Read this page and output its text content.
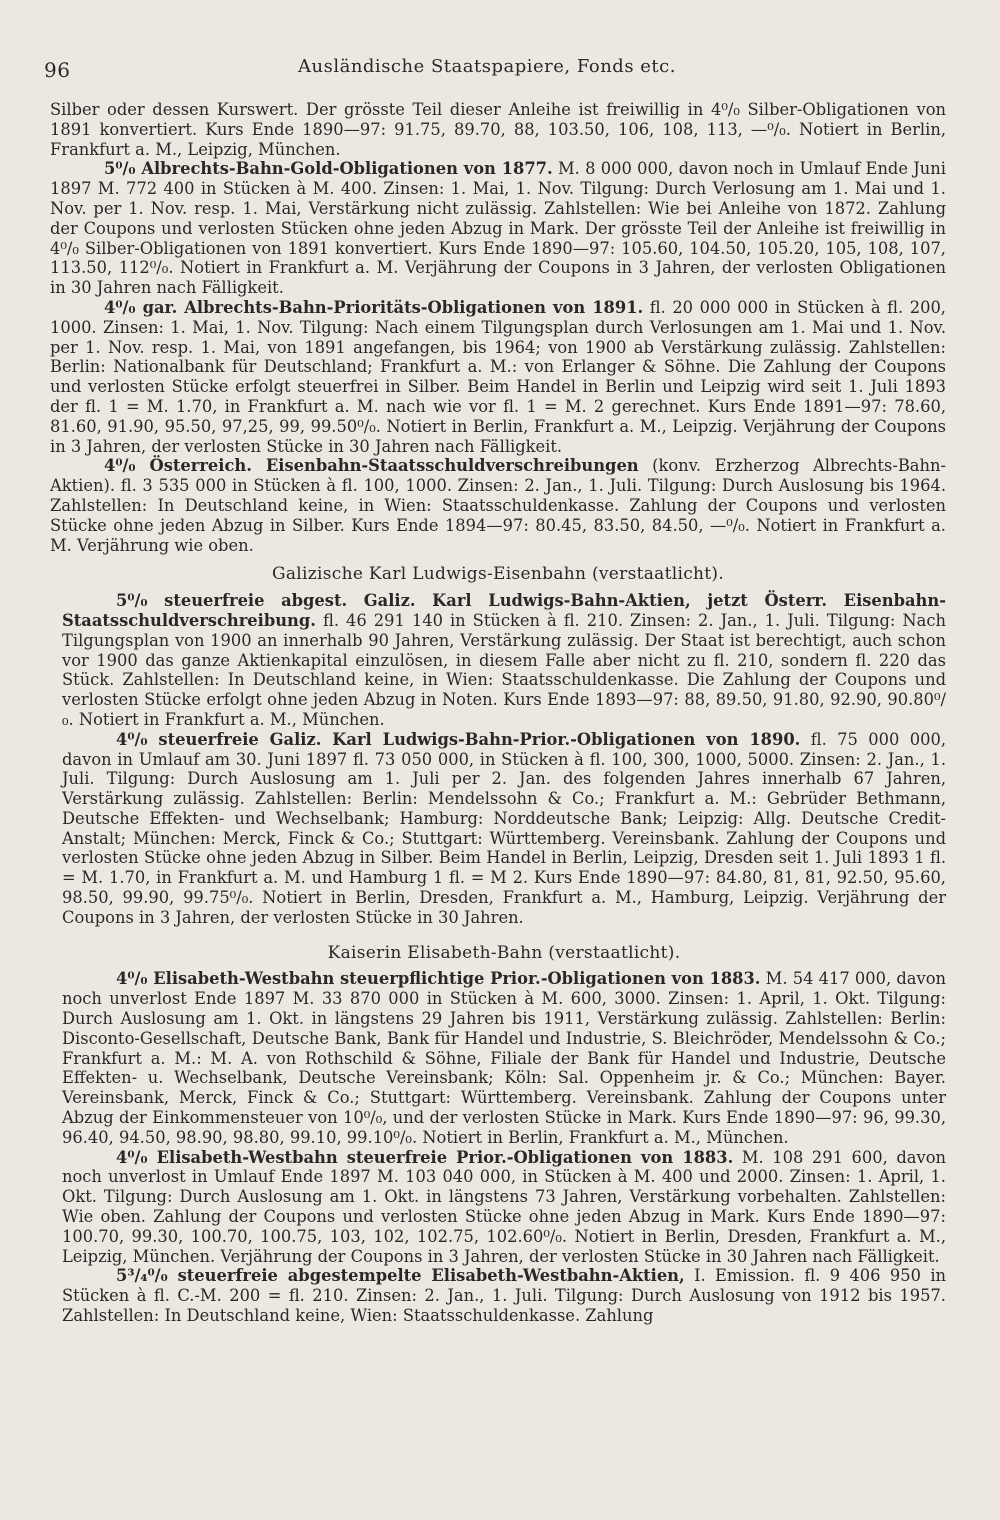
96	Ausländische Staatspapiere, Fonds etc.

Silber oder dessen Kurswert. Der grösste Teil dieser Anleihe ist freiwillig in 4⁰/₀ Silber-Obligationen von 1891 konvertiert. Kurs Ende 1890—97: 91.75, 89.70, 88, 103.50, 106, 108, 113, —⁰/₀. Notiert in Berlin, Frankfurt a. M., Leipzig, München.

5⁰/₀ Albrechts-Bahn-Gold-Obligationen von 1877. M. 8 000 000, davon noch in Umlauf Ende Juni 1897 M. 772 400 in Stücken à M. 400. Zinsen: 1. Mai, 1. Nov. Tilgung: Durch Verlosung am 1. Mai und 1. Nov. per 1. Nov. resp. 1. Mai, Verstärkung nicht zulässig. Zahlstellen: Wie bei Anleihe von 1872. Zahlung der Coupons und verlosten Stücken ohne jeden Abzug in Mark. Der grösste Teil der Anleihe ist freiwillig in 4⁰/₀ Silber-Obligationen von 1891 konvertiert. Kurs Ende 1890—97: 105.60, 104.50, 105.20, 105, 108, 107, 113.50, 112⁰/₀. Notiert in Frankfurt a. M. Verjährung der Coupons in 3 Jahren, der verlosten Obligationen in 30 Jahren nach Fälligkeit.

4⁰/₀ gar. Albrechts-Bahn-Prioritäts-Obligationen von 1891. fl. 20 000 000 in Stücken à fl. 200, 1000. Zinsen: 1. Mai, 1. Nov. Tilgung: Nach einem Tilgungsplan durch Verlosungen am 1. Mai und 1. Nov. per 1. Nov. resp. 1. Mai, von 1891 angefangen, bis 1964; von 1900 ab Verstärkung zulässig. Zahlstellen: Berlin: Nationalbank für Deutschland; Frankfurt a. M.: von Erlanger & Söhne. Die Zahlung der Coupons und verlosten Stücke erfolgt steuerfrei in Silber. Beim Handel in Berlin und Leipzig wird seit 1. Juli 1893 der fl. 1 = M. 1.70, in Frankfurt a. M. nach wie vor fl. 1 = M. 2 gerechnet. Kurs Ende 1891—97: 78.60, 81.60, 91.90, 95.50, 97,25, 99, 99.50⁰/₀. Notiert in Berlin, Frankfurt a. M., Leipzig. Verjährung der Coupons in 3 Jahren, der verlosten Stücke in 30 Jahren nach Fälligkeit.

4⁰/₀ Österreich. Eisenbahn-Staatsschuldverschreibungen (konv. Erzherzog Albrechts-Bahn-Aktien). fl. 3 535 000 in Stücken à fl. 100, 1000. Zinsen: 2. Jan., 1. Juli. Tilgung: Durch Auslosung bis 1964. Zahlstellen: In Deutschland keine, in Wien: Staatsschuldenkasse. Zahlung der Coupons und verlosten Stücke ohne jeden Abzug in Silber. Kurs Ende 1894—97: 80.45, 83.50, 84.50, —⁰/₀. Notiert in Frankfurt a. M. Verjährung wie oben.

Galizische Karl Ludwigs-Eisenbahn (verstaatlicht).

5⁰/₀ steuerfreie abgest. Galiz. Karl Ludwigs-Bahn-Aktien, jetzt Österr. Eisenbahn-Staatsschuldverschreibung. fl. 46 291 140 in Stücken à fl. 210. Zinsen: 2. Jan., 1. Juli. Tilgung: Nach Tilgungsplan von 1900 an innerhalb 90 Jahren, Verstärkung zulässig. Der Staat ist berechtigt, auch schon vor 1900 das ganze Aktienkapital einzulösen, in diesem Falle aber nicht zu fl. 210, sondern fl. 220 das Stück. Zahlstellen: In Deutschland keine, in Wien: Staatsschuldenkasse. Die Zahlung der Coupons und verlosten Stücke erfolgt ohne jeden Abzug in Noten. Kurs Ende 1893—97: 88, 89.50, 91.80, 92.90, 90.80⁰/₀. Notiert in Frankfurt a. M., München.

4⁰/₀ steuerfreie Galiz. Karl Ludwigs-Bahn-Prior.-Obligationen von 1890. fl. 75 000 000, davon in Umlauf am 30. Juni 1897 fl. 73 050 000, in Stücken à fl. 100, 300, 1000, 5000. Zinsen: 2. Jan., 1. Juli. Tilgung: Durch Auslosung am 1. Juli per 2. Jan. des folgenden Jahres innerhalb 67 Jahren, Verstärkung zulässig. Zahlstellen: Berlin: Mendelssohn & Co.; Frankfurt a. M.: Gebrüder Bethmann, Deutsche Effekten- und Wechselbank; Hamburg: Norddeutsche Bank; Leipzig: Allg. Deutsche Credit-Anstalt; München: Merck, Finck & Co.; Stuttgart: Württemberg. Vereinsbank. Zahlung der Coupons und verlosten Stücke ohne jeden Abzug in Silber. Beim Handel in Berlin, Leipzig, Dresden seit 1. Juli 1893 1 fl. = M. 1.70, in Frankfurt a. M. und Hamburg 1 fl. = M 2. Kurs Ende 1890—97: 84.80, 81, 81, 92.50, 95.60, 98.50, 99.90, 99.75⁰/₀. Notiert in Berlin, Dresden, Frankfurt a. M., Hamburg, Leipzig. Verjährung der Coupons in 3 Jahren, der verlosten Stücke in 30 Jahren.

Kaiserin Elisabeth-Bahn (verstaatlicht).

4⁰/₀ Elisabeth-Westbahn steuerpflichtige Prior.-Obligationen von 1883. M. 54 417 000, davon noch unverlost Ende 1897 M. 33 870 000 in Stücken à M. 600, 3000. Zinsen: 1. April, 1. Okt. Tilgung: Durch Auslosung am 1. Okt. in längstens 29 Jahren bis 1911, Verstärkung zulässig. Zahlstellen: Berlin: Disconto-Gesellschaft, Deutsche Bank, Bank für Handel und Industrie, S. Bleichröder, Mendelssohn & Co.; Frankfurt a. M.: M. A. von Rothschild & Söhne, Filiale der Bank für Handel und Industrie, Deutsche Effekten- u. Wechselbank, Deutsche Vereinsbank; Köln: Sal. Oppenheim jr. & Co.; München: Bayer. Vereinsbank, Merck, Finck & Co.; Stuttgart: Württemberg. Vereinsbank. Zahlung der Coupons unter Abzug der Einkommensteuer von 10⁰/₀, und der verlosten Stücke in Mark. Kurs Ende 1890—97: 96, 99.30, 96.40, 94.50, 98.90, 98.80, 99.10, 99.10⁰/₀. Notiert in Berlin, Frankfurt a. M., München.

4⁰/₀ Elisabeth-Westbahn steuerfreie Prior.-Obligationen von 1883. M. 108 291 600, davon noch unverlost in Umlauf Ende 1897 M. 103 040 000, in Stücken à M. 400 und 2000. Zinsen: 1. April, 1. Okt. Tilgung: Durch Auslosung am 1. Okt. in längstens 73 Jahren, Verstärkung vorbehalten. Zahlstellen: Wie oben. Zahlung der Coupons und verlosten Stücke ohne jeden Abzug in Mark. Kurs Ende 1890—97: 100.70, 99.30, 100.70, 100.75, 103, 102, 102.75, 102.60⁰/₀. Notiert in Berlin, Dresden, Frankfurt a. M., Leipzig, München. Verjährung der Coupons in 3 Jahren, der verlosten Stücke in 30 Jahren nach Fälligkeit.

5³/₄⁰/₀ steuerfreie abgestempelte Elisabeth-Westbahn-Aktien, I. Emission. fl. 9 406 950 in Stücken à fl. C.-M. 200 = fl. 210. Zinsen: 2. Jan., 1. Juli. Tilgung: Durch Auslosung von 1912 bis 1957. Zahlstellen: In Deutschland keine, Wien: Staatsschuldenkasse. Zahlung
